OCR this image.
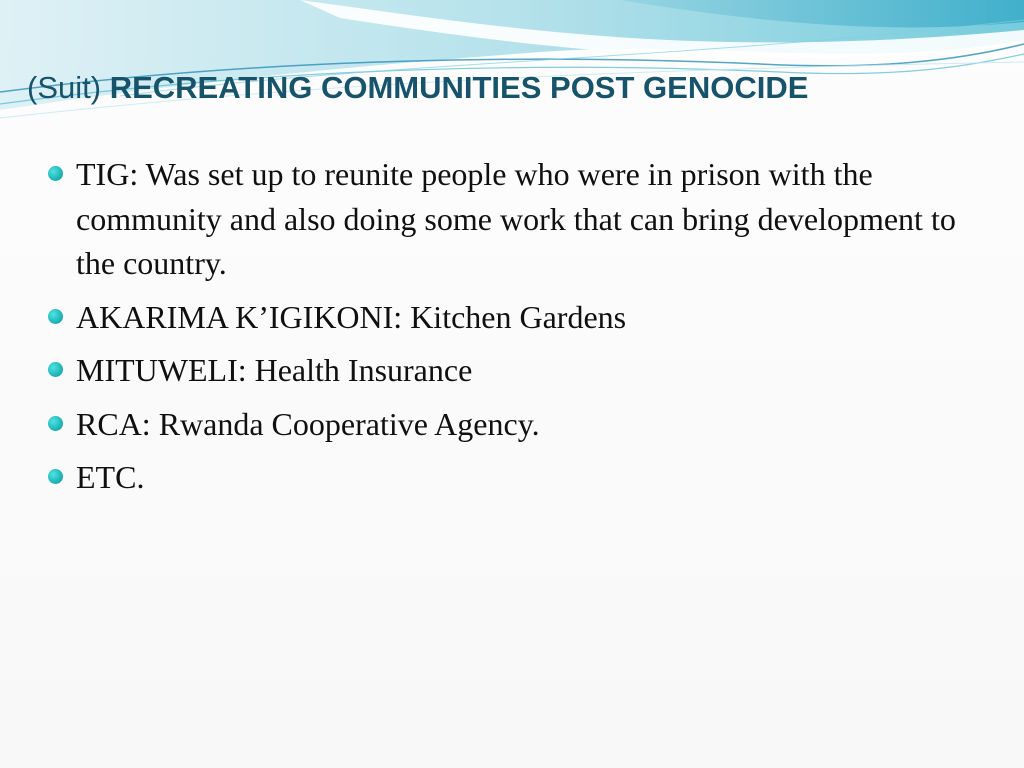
(Suit) RECREATING COMMUNITIES POST GENOCIDE
TIG: Was set up to reunite people who were in prison with the community and also doing some work that can bring development to the country.
AKARIMA K’IGIKONI: Kitchen Gardens
MITUWELI: Health Insurance
RCA: Rwanda Cooperative Agency.
ETC.
